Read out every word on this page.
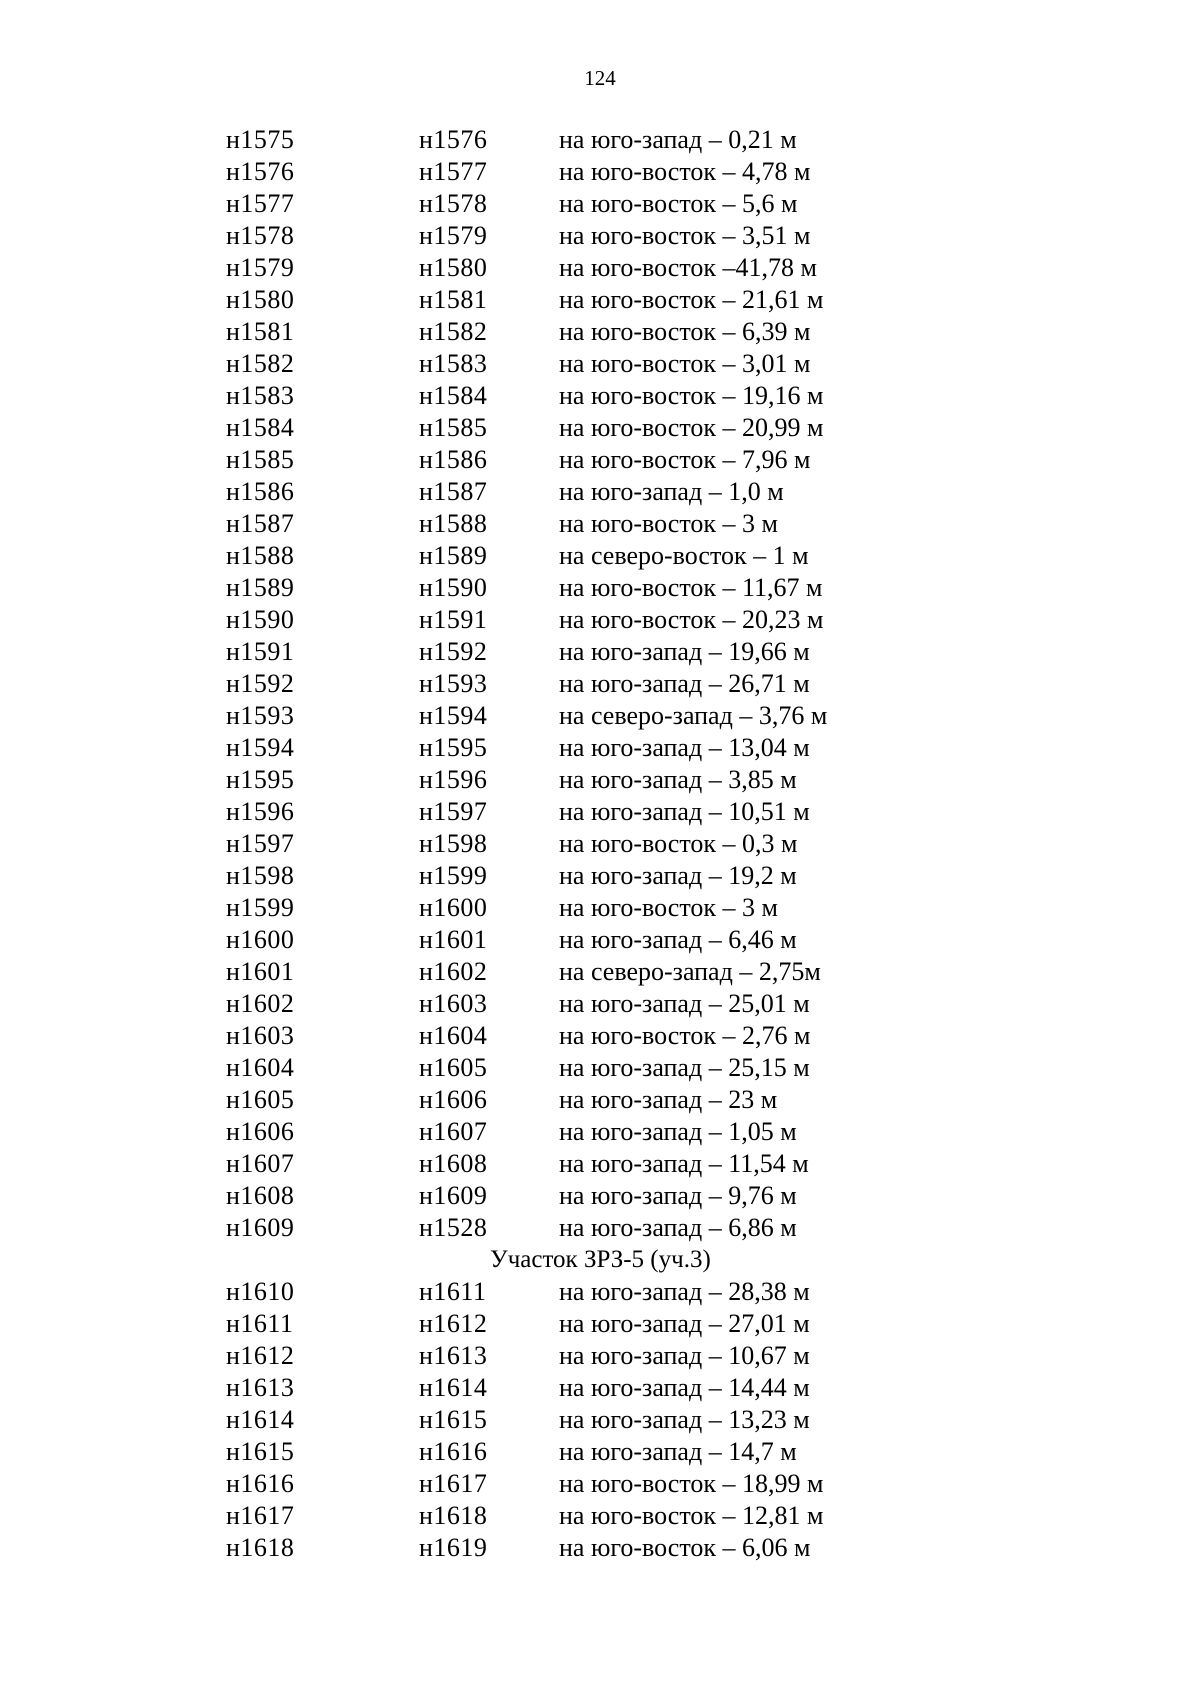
124
н1575	н1576	на юго-запад – 0,21 м
н1576	н1577	на юго-восток – 4,78 м
н1577	н1578	на юго-восток – 5,6 м
н1578	н1579	на юго-восток – 3,51 м
н1579	н1580	на юго-восток –41,78 м
н1580	н1581	на юго-восток – 21,61 м
н1581	н1582	на юго-восток – 6,39 м
н1582	н1583	на юго-восток – 3,01 м
н1583	н1584	на юго-восток – 19,16 м
н1584	н1585	на юго-восток – 20,99 м
н1585	н1586	на юго-восток – 7,96 м
н1586	н1587	на юго-запад – 1,0 м
н1587	н1588	на юго-восток – 3 м
н1588	н1589	на северо-восток – 1 м
н1589	н1590	на юго-восток – 11,67 м
н1590	н1591	на юго-восток – 20,23 м
н1591	н1592	на юго-запад – 19,66 м
н1592	н1593	на юго-запад – 26,71 м
н1593	н1594	на северо-запад – 3,76 м
н1594	н1595	на юго-запад – 13,04 м
н1595	н1596	на юго-запад – 3,85 м
н1596	н1597	на юго-запад – 10,51 м
н1597	н1598	на юго-восток – 0,3 м
н1598	н1599	на юго-запад – 19,2 м
н1599	н1600	на юго-восток – 3 м
н1600	н1601	на юго-запад – 6,46 м
н1601	н1602	на северо-запад – 2,75м
н1602	н1603	на юго-запад – 25,01 м
н1603	н1604	на юго-восток – 2,76 м
н1604	н1605	на юго-запад – 25,15 м
н1605	н1606	на юго-запад – 23 м
н1606	н1607	на юго-запад – 1,05 м
н1607	н1608	на юго-запад – 11,54 м
н1608	н1609	на юго-запад – 9,76 м
н1609	н1528	на юго-запад – 6,86 м
Участок ЗРЗ-5 (уч.3)
н1610	н1611	на юго-запад – 28,38 м
н1611	н1612	на юго-запад – 27,01 м
н1612	н1613	на юго-запад – 10,67 м
н1613	н1614	на юго-запад – 14,44 м
н1614	н1615	на юго-запад – 13,23 м
н1615	н1616	на юго-запад – 14,7 м
н1616	н1617	на юго-восток – 18,99 м
н1617	н1618	на юго-восток – 12,81 м
н1618	н1619	на юго-восток – 6,06 м
